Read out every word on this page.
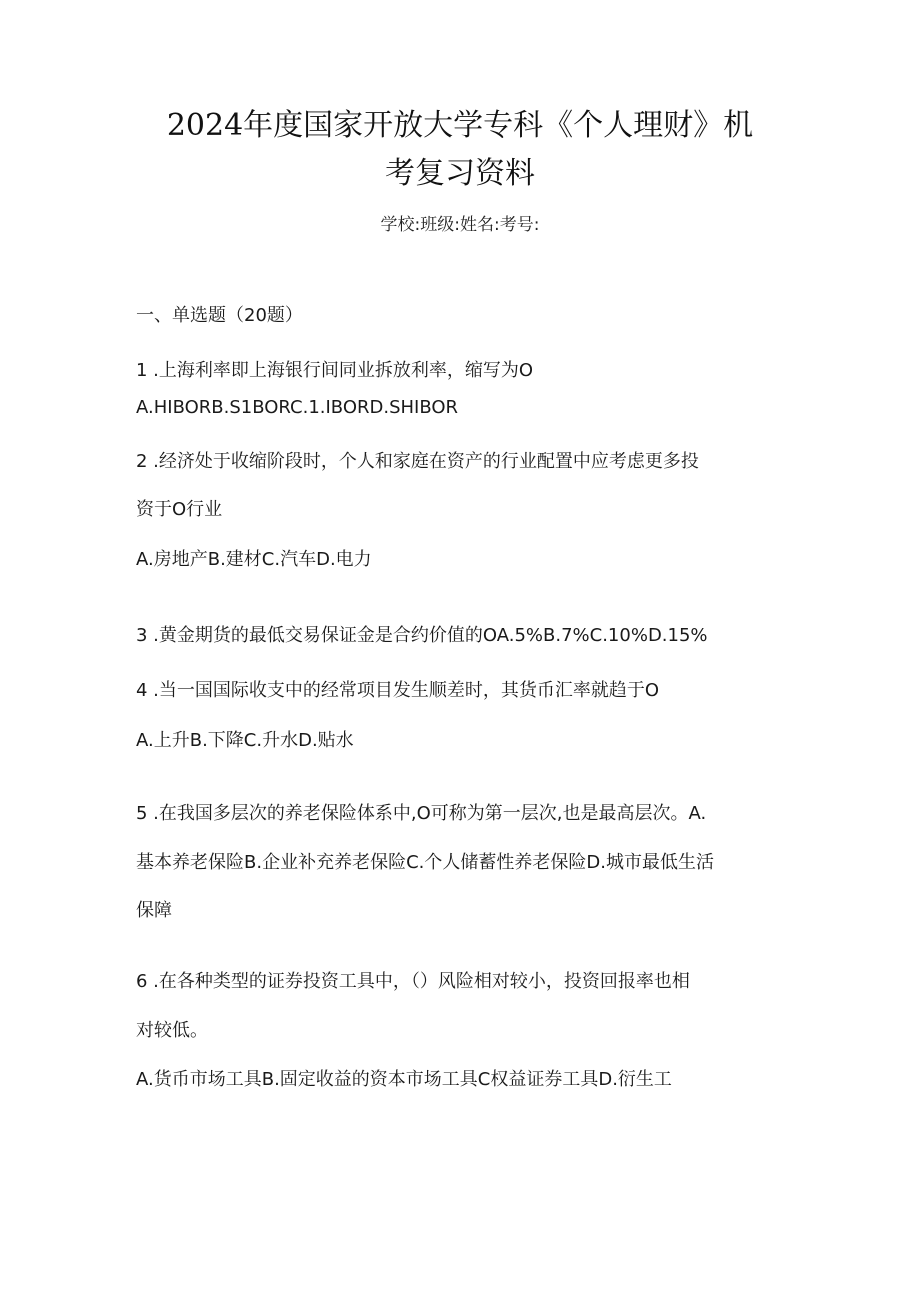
2024年度国家开放大学专科《个人理财》机
考复习资料
学校:班级:姓名:考号:
一、单选题（20题）
1 .上海利率即上海银行间同业拆放利率，缩写为O
A.HIBORB.S1BORC.1.IBORD.SHIBOR
2 .经济处于收缩阶段时，个人和家庭在资产的行业配置中应考虑更多投
资于O行业
A.房地产B.建材C.汽车D.电力
3 .黄金期货的最低交易保证金是合约价值的OA.5%B.7%C.10%D.15%
4 .当一国国际收支中的经常项目发生顺差时，其货币汇率就趋于O
A.上升B.下降C.升水D.贴水
5 .在我国多层次的养老保险体系中,O可称为第一层次,也是最高层次。A.
基本养老保险B.企业补充养老保险C.个人储蓄性养老保险D.城市最低生活
保障
6 .在各种类型的证券投资工具中，（）风险相对较小，投资回报率也相
对较低。
A.货币市场工具B.固定收益的资本市场工具C权益证券工具D.衍生工
